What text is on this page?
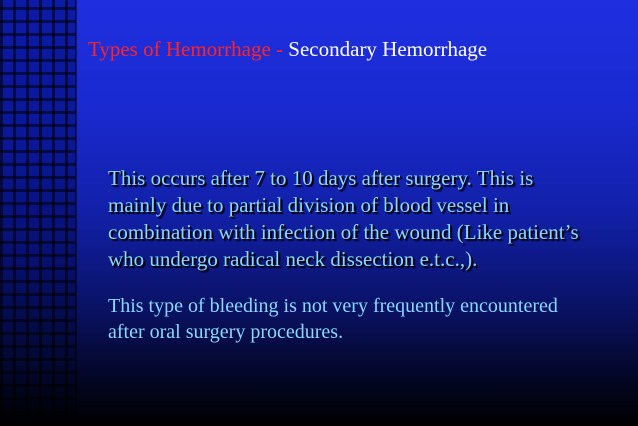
Types of Hemorrhage - Secondary Hemorrhage

This occurs after 7 to 10 days after surgery. This is
mainly due to partial division of blood vessel in
combination with infection of the wound (Like patient’s
who undergo radical neck dissection e.t.c.,).

This type of bleeding is not very frequently encountered
after oral surgery procedures.
